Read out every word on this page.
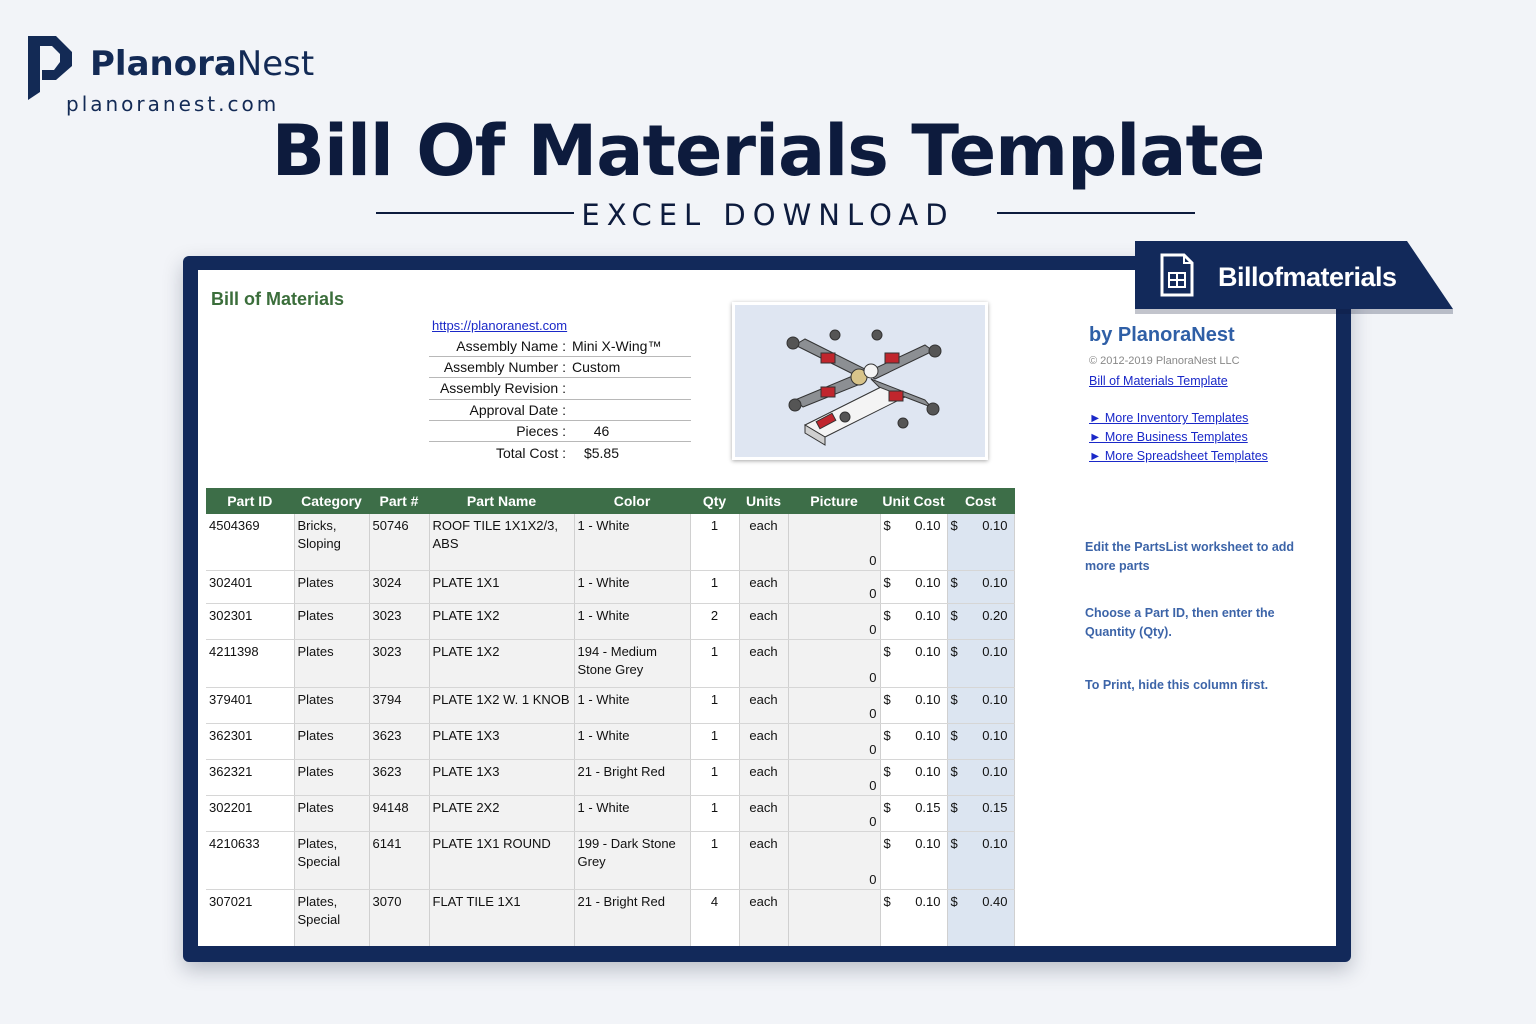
PlanoraNest
planoranest.com
Bill Of Materials Template
EXCEL DOWNLOAD
Bill of Materials
https://planoranest.com
Assembly Name : Mini X-Wing™
Assembly Number : Custom
Assembly Revision :
Approval Date :
Pieces :	46
Total Cost :	$5.85
Part ID	Category	Part #	Part Name	Color	Qty	Units	Picture	Unit Cost	Cost
4504369	Bricks, Sloping	50746	ROOF TILE 1X1X2/3, ABS	1 - White	1	each	0	$ 0.10	$ 0.10

302401	Plates	3024	PLATE 1X1	1 - White	1	each	0	$ 0.10	$ 0.10

302301	Plates	3023	PLATE 1X2	1 - White	2	each	0	$ 0.10	$ 0.20

4211398	Plates	3023	PLATE 1X2	194 - Medium Stone Grey	1	each	0	$ 0.10	$ 0.10

379401	Plates	3794	PLATE 1X2 W. 1 KNOB	1 - White	1	each	0	$ 0.10	$ 0.10

362301	Plates	3623	PLATE 1X3	1 - White	1	each	0	$ 0.10	$ 0.10

362321	Plates	3623	PLATE 1X3	21 - Bright Red	1	each	0	$ 0.10	$ 0.10

302201	Plates	94148	PLATE 2X2	1 - White	1	each	0	$ 0.15	$ 0.15

4210633	Plates, Special	6141	PLATE 1X1 ROUND	199 - Dark Stone Grey	1	each	0	$ 0.10	$ 0.10

307021	Plates, Special	3070	FLAT TILE 1X1	21 - Bright Red	4	each		$ 0.10	$ 0.40
by PlanoraNest
© 2012-2019 PlanoraNest LLC
Bill of Materials Template
► More Inventory Templates
► More Business Templates
► More Spreadsheet Templates
Edit the PartsList worksheet to add more parts
Choose a Part ID, then enter the Quantity (Qty).
To Print, hide this column first.
Billofmaterials
